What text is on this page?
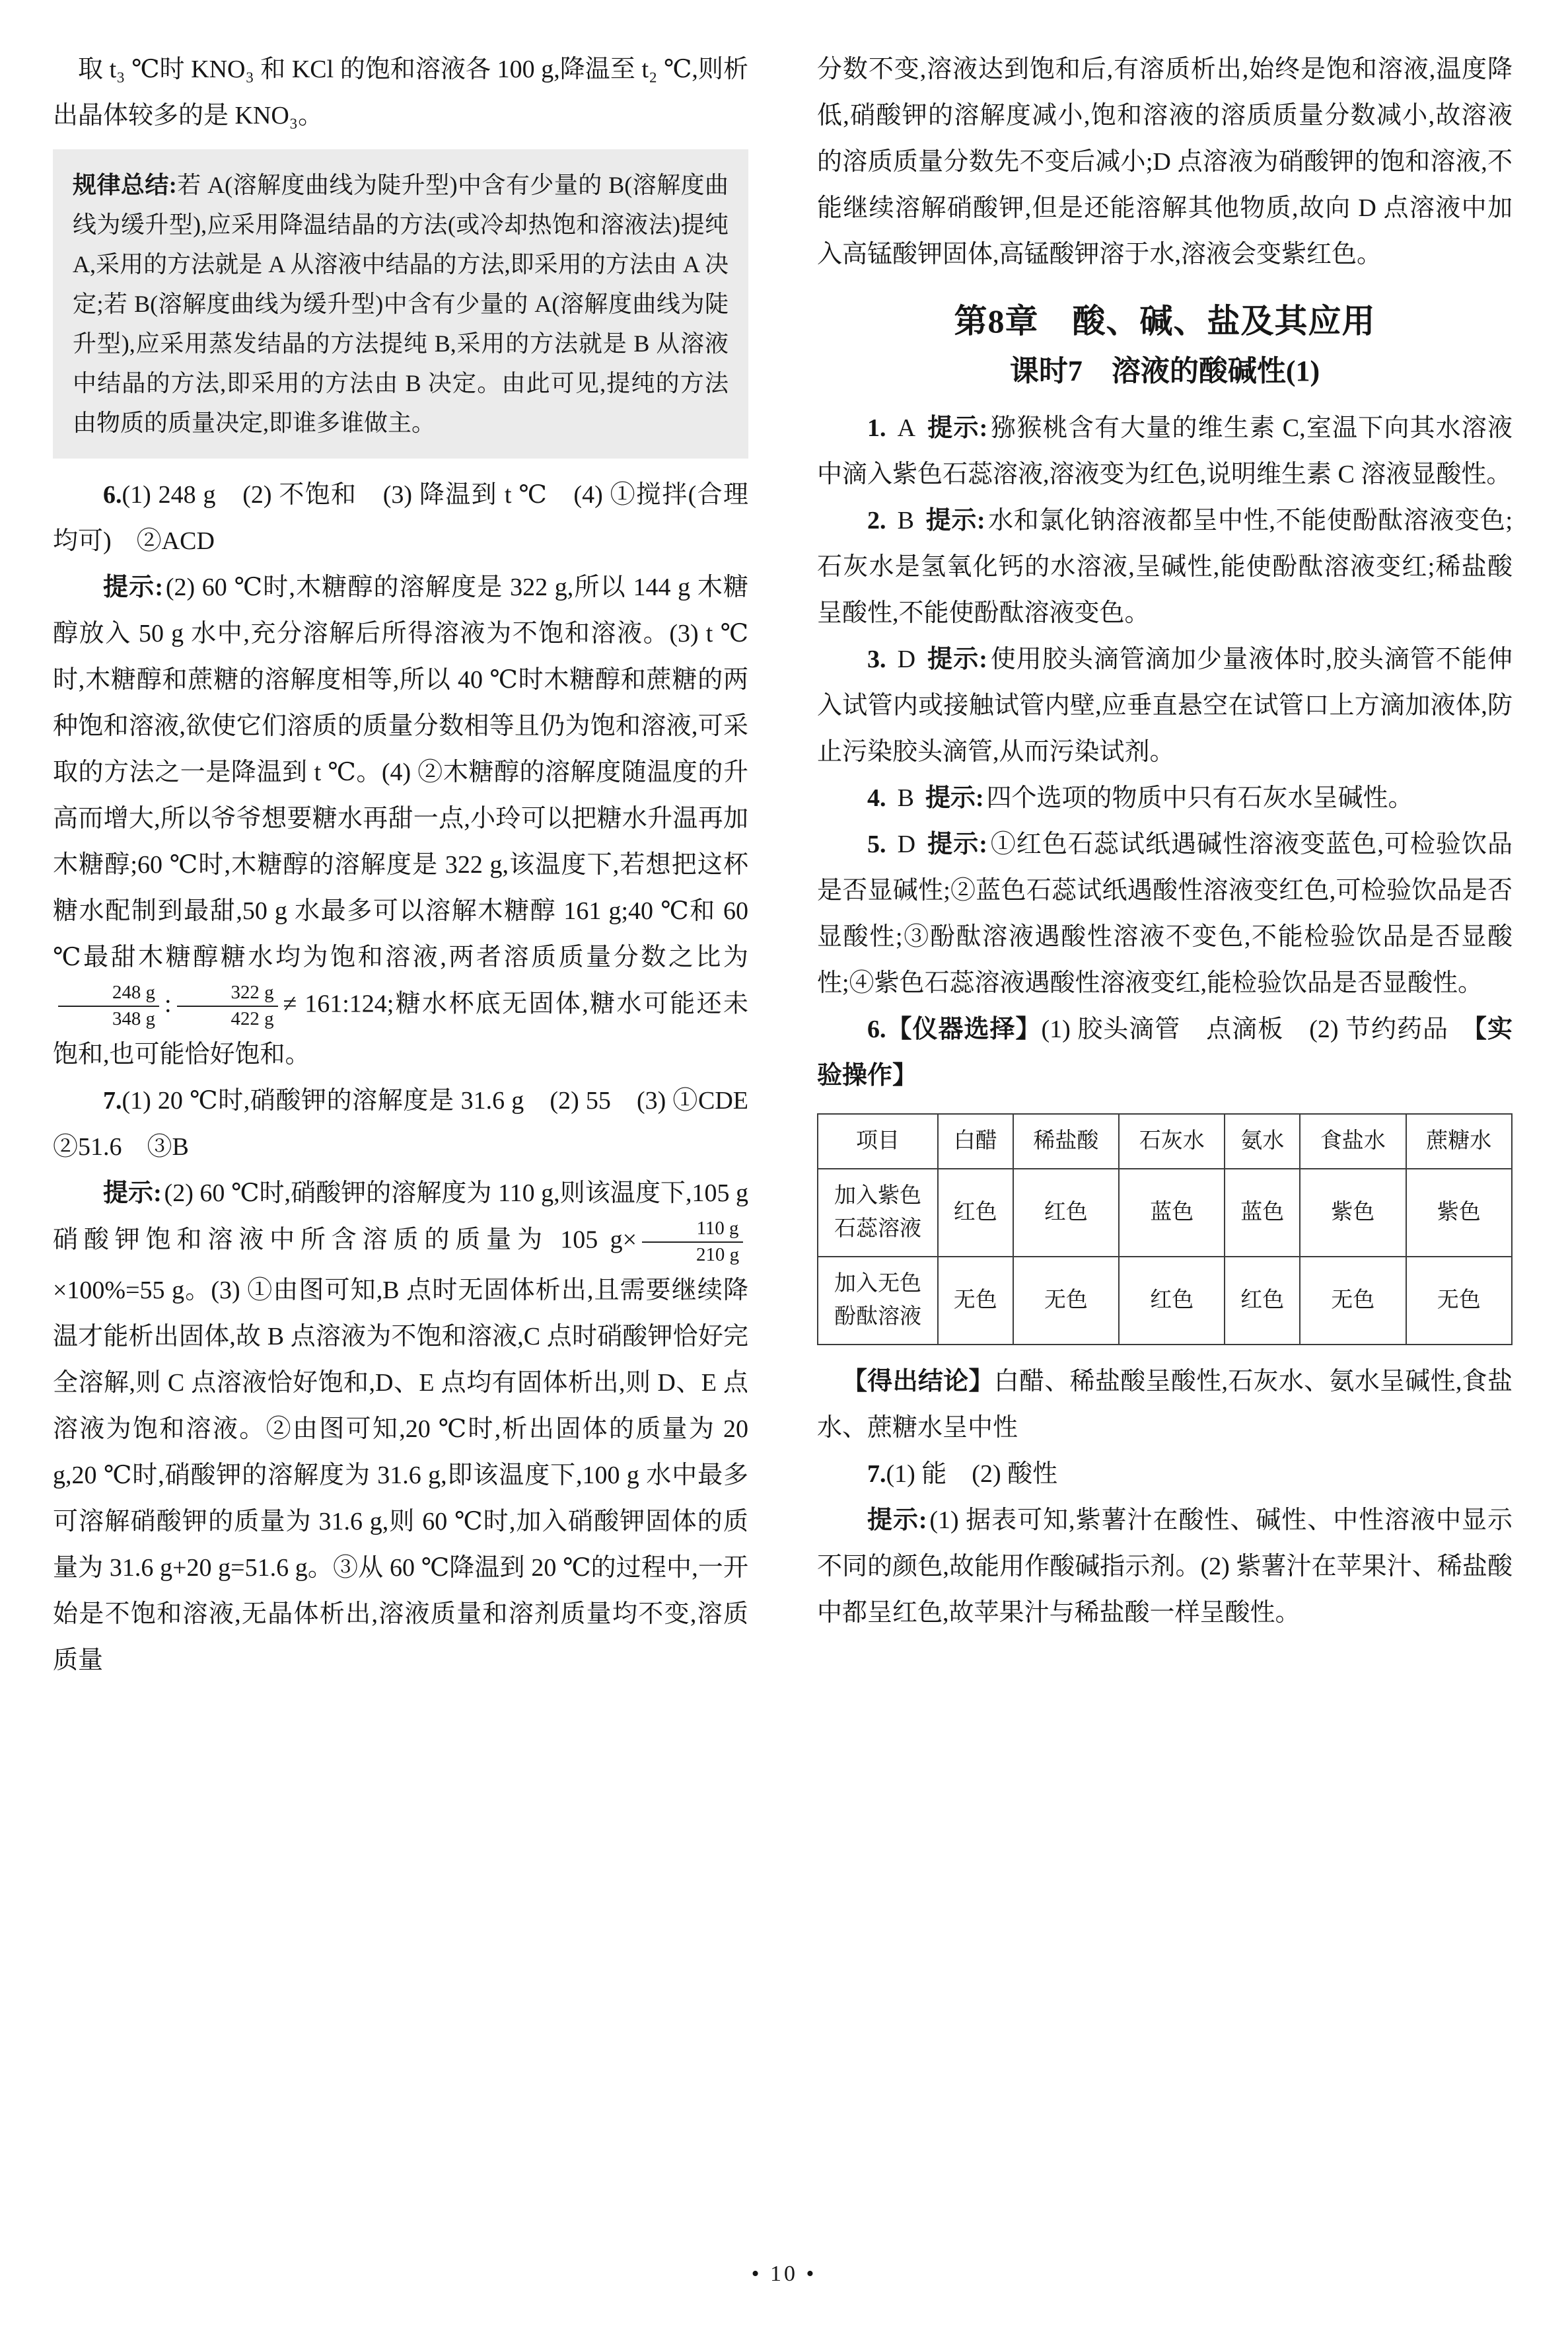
取 t₃ ℃时 KNO₃ 和 KCl 的饱和溶液各 100 g,降温至 t₂ ℃,则析出晶体较多的是 KNO₃。

规律总结:若 A(溶解度曲线为陡升型)中含有少量的 B(溶解度曲线为缓升型),应采用降温结晶的方法(或冷却热饱和溶液法)提纯 A,采用的方法就是 A 从溶液中结晶的方法,即采用的方法由 A 决定;若 B(溶解度曲线为缓升型)中含有少量的 A(溶解度曲线为陡升型),应采用蒸发结晶的方法提纯 B,采用的方法就是 B 从溶液中结晶的方法,即采用的方法由 B 决定。由此可见,提纯的方法由物质的质量决定,即谁多谁做主。

6.(1) 248 g　(2) 不饱和　(3) 降温到 t ℃　(4) ①搅拌(合理均可)　②ACD

提示:(2) 60 ℃时,木糖醇的溶解度是 322 g,所以 144 g 木糖醇放入 50 g 水中,充分溶解后所得溶液为不饱和溶液。(3) t ℃时,木糖醇和蔗糖的溶解度相等,所以 40 ℃时木糖醇和蔗糖的两种饱和溶液,欲使它们溶质的质量分数相等且仍为饱和溶液,可采取的方法之一是降温到 t ℃。(4) ②木糖醇的溶解度随温度的升高而增大,所以爷爷想要糖水再甜一点,小玲可以把糖水升温再加木糖醇;60 ℃时,木糖醇的溶解度是 322 g,该温度下,若想把这杯糖水配制到最甜,50 g 水最多可以溶解木糖醇 161 g;40 ℃和 60 ℃最甜木糖醇糖水均为饱和溶液,两者溶质质量分数之比为
$\frac{248 g}{348 g}$ : $\frac{322 g}{422 g}$ ≠ 161:124;糖水杯底无固体,糖水可能还未饱和,也可能恰好饱和。

7.(1) 20 ℃时,硝酸钾的溶解度是 31.6 g　(2) 55　(3) ①CDE　②51.6　③B

提示:(2) 60 ℃时,硝酸钾的溶解度为 110 g,则该温度下,105 g 硝酸钾饱和溶液中所含溶质的质量为 105 $g\times \frac{110 g}{210 g}$
×100%=55 g。(3) ①由图可知,B 点时无固体析出,且需要继续降温才能析出固体,故 B 点溶液为不饱和溶液,C 点时硝酸钾恰好完全溶解,则 C 点溶液恰好饱和,D、E 点均有固体析出,则 D、E 点溶液为饱和溶液。②由图可知,20 ℃时,析出固体的质量为 20 g,20 ℃时,硝酸钾的溶解度为 31.6 g,即该温度下,100 g 水中最多可溶解硝酸钾的质量为 31.6 g,则 60 ℃时,加入硝酸钾固体的质量为 31.6 g+20 g=51.6 g。③从 60 ℃降温到 20 ℃的过程中,一开始是不饱和溶液,无晶体析出,溶液质量和溶剂质量均不变,溶质质量

分数不变,溶液达到饱和后,有溶质析出,始终是饱和溶液,温度降低,硝酸钾的溶解度减小,饱和溶液的溶质质量分数减小,故溶液的溶质质量分数先不变后减小;D 点溶液为硝酸钾的饱和溶液,不能继续溶解硝酸钾,但是还能溶解其他物质,故向 D 点溶液中加入高锰酸钾固体,高锰酸钾溶于水,溶液会变紫红色。

第8章　酸、碱、盐及其应用
课时7　溶液的酸碱性(1)

1. A 提示:猕猴桃含有大量的维生素 C,室温下向其水溶液中滴入紫色石蕊溶液,溶液变为红色,说明维生素 C 溶液显酸性。

2. B 提示:水和氯化钠溶液都呈中性,不能使酚酞溶液变色;石灰水是氢氧化钙的水溶液,呈碱性,能使酚酞溶液变红;稀盐酸呈酸性,不能使酚酞溶液变色。

3. D 提示:使用胶头滴管滴加少量液体时,胶头滴管不能伸入试管内或接触试管内壁,应垂直悬空在试管口上方滴加液体,防止污染胶头滴管,从而污染试剂。

4. B 提示:四个选项的物质中只有石灰水呈碱性。

5. D 提示:①红色石蕊试纸遇碱性溶液变蓝色,可检验饮品是否显碱性;②蓝色石蕊试纸遇酸性溶液变红色,可检验饮品是否显酸性;③酚酞溶液遇酸性溶液不变色,不能检验饮品是否显酸性;④紫色石蕊溶液遇酸性溶液变红,能检验饮品是否显酸性。

6.【仪器选择】(1) 胶头滴管　点滴板　(2) 节约药品　【实验操作】

项目	白醋	稀盐酸	石灰水	氨水	食盐水	蔗糖水
加入紫色石蕊溶液	红色	红色	蓝色	蓝色	紫色	紫色
加入无色酚酞溶液	无色	无色	红色	红色	无色	无色

【得出结论】白醋、稀盐酸呈酸性,石灰水、氨水呈碱性,食盐水、蔗糖水呈中性

7.(1) 能　(2) 酸性

提示:(1) 据表可知,紫薯汁在酸性、碱性、中性溶液中显示不同的颜色,故能用作酸碱指示剂。(2) 紫薯汁在苹果汁、稀盐酸中都呈红色,故苹果汁与稀盐酸一样呈酸性。

• 10 •
